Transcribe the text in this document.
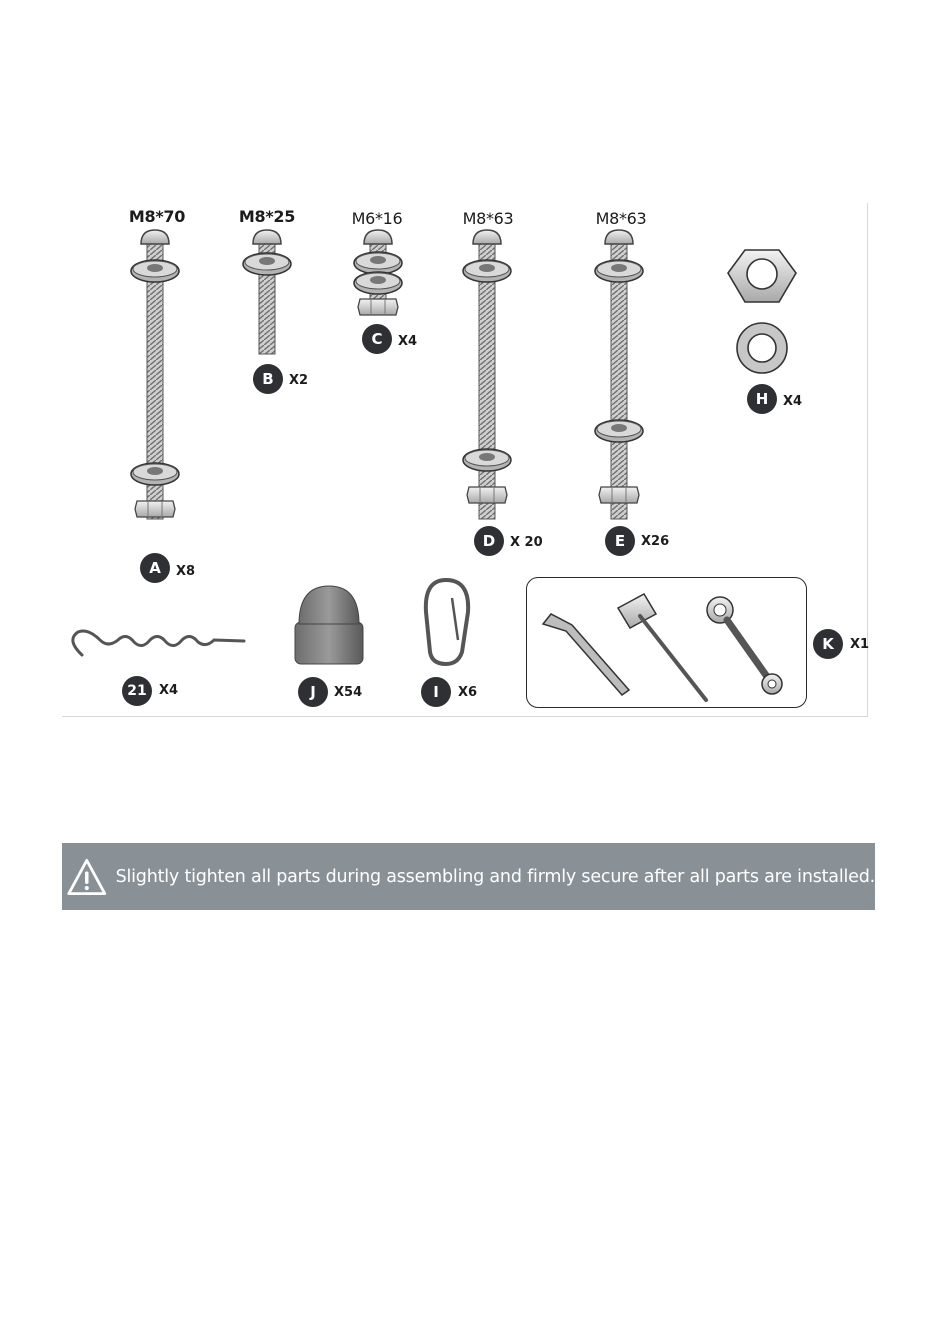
M8*70	M8*25	M6*16	M8*63	M8*63
A	X8
B	X2
C	X4
D	X 20	E	X26
H	X4
21 X4	J	X54	I	X6
K	X1
Slightly tighten all parts during assembling and firmly secure after all parts are installed.
